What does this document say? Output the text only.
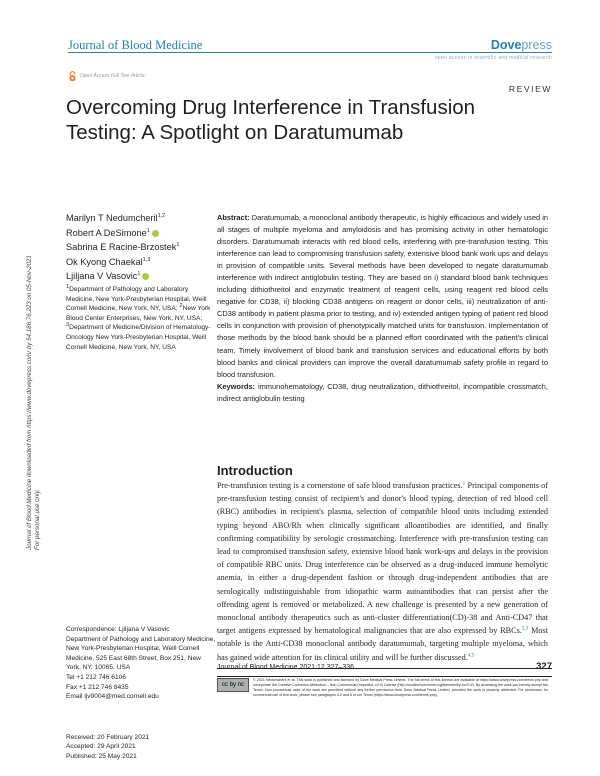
Journal of Blood Medicine	Dovepress
open access to scientific and medical research
Open Access Full Text Article
REVIEW
Overcoming Drug Interference in Transfusion Testing: A Spotlight on Daratumumab
Journal of Blood Medicine downloaded from https://www.dovepress.com/ by 54.186.76.223 on 05-Nov-2021
For personal use only.
Marilyn T Nedumcheril$^{1,2}$
Robert A DeSimone$^1$
Sabrina E Racine-Brzostek$^1$
Ok Kyong Chaekal$^{1,3}$
Ljiljana V Vasovic$^1$
$^1$Department of Pathology and Laboratory Medicine, New York-Presbyterian Hospital, Weill Cornell Medicine, New York, NY, USA; $^2$New York Blood Center Enterprises, New York, NY, USA; $^3$Department of Medicine/Division of Hematology-Oncology New York-Presbyterian Hospital, Weill Cornell Medicine, New York, NY, USA
Abstract: Daratumumab, a monoclonal antibody therapeutic, is highly efficacious and widely used in all stages of multiple myeloma and amyloidosis and has promising activity in other hematologic disorders. Daratumumab interacts with red blood cells, interfering with pre-transfusion testing. This interference can lead to compromising transfusion safety, extensive blood bank work ups and delays in provision of compatible units. Several methods have been developed to negate daratumumab interference with indirect antiglobulin testing. They are based on i) standard blood bank techniques including dithiothreitol and enzymatic treatment of reagent cells, using reagent red blood cells negative for CD38, ii) blocking CD38 antigens on reagent or donor cells, iii) neutralization of anti-CD38 antibody in patient plasma prior to testing, and iv) extended antigen typing of patient red blood cells in conjunction with provision of phenotypically matched units for transfusion. Implementation of those methods by the blood bank should be a planned effort coordinated with the patient's clinical team. Timely involvement of blood bank and transfusion services and educational efforts by both blood banks and clinical providers can improve the overall daratumumab safety profile in regard to blood transfusion.
Keywords: immunohematology, CD38, drug neutralization, dithiothreitol, incompatible crossmatch, indirect antiglobulin testing
Introduction
Pre-transfusion testing is a cornerstone of safe blood transfusion practices.$^1$ Principal components of pre-transfusion testing consist of recipient's and donor's blood typing, detection of red blood cell (RBC) antibodies in recipient's plasma, selection of compatible blood units including extended typing beyond ABO/Rh when clinically significant alloantibodies are identified, and finally confirming compatibility by serologic crossmatching. Interference with pre-transfusion testing can lead to compromised transfusion safety, extensive blood bank work-ups and delays in the provision of compatible RBC units. Drug interference can be observed as a drug-induced immune hemolytic anemia, in either a drug-dependent fashion or through drug-independent antibodies that are serologically indistinguishable from idiopathic warm autoantibodies that can persist after the offending agent is removed or metabolized. A new challenge is presented by a new generation of monoclonal antibody therapeutics such as anti-cluster differentiation(CD)-38 and Anti-CD47 that target antigens expressed by hematological malignancies that are also expressed by RBCs.$^{2,3}$ Most notable is the Anti-CD38 monoclonal antibody daratumumab, targeting multiple myeloma, which has gained wide attention for its clinical utility and will be further discussed.$^{4,5}$
Correspondence: Ljiljana V Vasovic
Department of Pathology and Laboratory Medicine, New York-Presbyterian Hospital, Weill Cornell Medicine, 525 East 68th Street, Box 251, New York, NY, 10065, USA
Tel +1 212 746 6106
Fax +1 212 746 8435
Email ljv9004@med.cornell.edu
Received: 20 February 2021
Accepted: 29 April 2021
Published: 25 May 2021
Journal of Blood Medicine 2021:12 327–336	327
cc by nc
© 2021 Nedumcheril et al. This work is published and licensed by Dove Medical Press Limited. The full terms of this license are available at https://www.dovepress.com/terms.php and incorporate the Creative Commons Attribution – Non Commercial (unported, v3.0) License (http://creativecommons.org/licenses/by-nc/3.0/). By accessing the work you hereby accept the Terms. Non-commercial uses of the work are permitted without any further permission from Dove Medical Press Limited, provided the work is properly attributed. For permission for commercial use of this work, please see paragraphs 4.2 and 5 of our Terms (https://www.dovepress.com/terms.php).
